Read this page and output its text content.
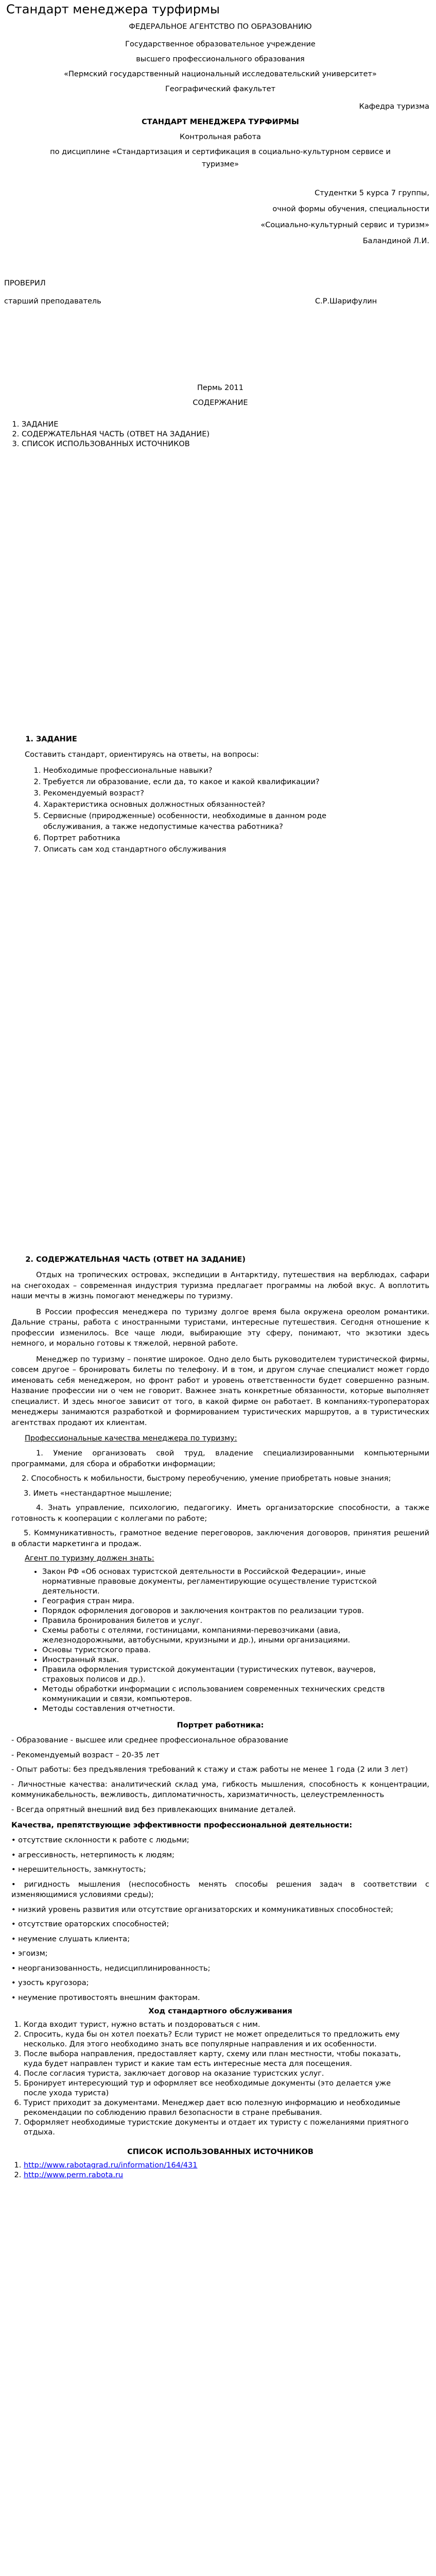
Стандарт менеджера турфирмы

ФЕДЕРАЛЬНОЕ АГЕНТСТВО ПО ОБРАЗОВАНИЮ

Государственное образовательное учреждение

высшего профессионального образования

«Пермский государственный национальный исследовательский университет»

Географический факультет

Кафедра туризма

СТАНДАРТ МЕНЕДЖЕРА ТУРФИРМЫ

Контрольная работа

по дисциплине «Стандартизация и сертификация в социально-культурном сервисе и туризме»

Студентки 5 курса 7 группы,

очной формы обучения, специальности

«Социально-культурный сервис и туризм»

Баландиной Л.И.

ПРОВЕРИЛ

старший преподаватель	С.Р.Шарифулин

Пермь 2011

СОДЕРЖАНИЕ

1. ЗАДАНИЕ
2. СОДЕРЖАТЕЛЬНАЯ ЧАСТЬ (ОТВЕТ НА ЗАДАНИЕ)
3. СПИСОК ИСПОЛЬЗОВАННЫХ ИСТОЧНИКОВ
1. ЗАДАНИЕ

Составить стандарт, ориентируясь на ответы, на вопросы:

1. Необходимые профессиональные навыки?
2. Требуется ли образование, если да, то какое и какой квалификации?
3. Рекомендуемый возраст?
4. Характеристика основных должностных обязанностей?
5. Сервисные (природженные) особенности, необходимые в данном роде обслуживания, а также недопустимые качества работника?
6. Портрет работника
7. Описать сам ход стандартного обслуживания
2. СОДЕРЖАТЕЛЬНАЯ ЧАСТЬ (ОТВЕТ НА ЗАДАНИЕ)

Отдых на тропических островах, экспедиции в Антарктиду, путешествия на верблюдах, сафари на снегоходах – современная индустрия туризма предлагает программы на любой вкус. А воплотить наши мечты в жизнь помогают менеджеры по туризму.

В России профессия менеджера по туризму долгое время была окружена ореолом романтики. Дальние страны, работа с иностранными туристами, интересные путешествия. Сегодня отношение к профессии изменилось. Все чаще люди, выбирающие эту сферу, понимают, что экзотики здесь немного, и морально готовы к тяжелой, нервной работе.

Менеджер по туризму – понятие широкое. Одно дело быть руководителем туристической фирмы, совсем другое – бронировать билеты по телефону. И в том, и другом случае специалист может гордо именовать себя менеджером, но фронт работ и уровень ответственности будет совершенно разным. Название профессии ни о чем не говорит. Важнее знать конкретные обязанности, которые выполняет специалист. И здесь многое зависит от того, в какой фирме он работает. В компаниях-туроператорах менеджеры занимаются разработкой и формированием туристических маршрутов, а в туристических агентствах продают их клиентам.

Профессиональные качества менеджера по туризму:

1. Умение организовать свой труд, владение специализированными компьютерными программами, для сбора и обработки информации;

2. Способность к мобильности, быстрому переобучению, умение приобретать новые знания;

3. Иметь «нестандартное мышление;

4. Знать управление, психологию, педагогику. Иметь организаторские способности, а также готовность к кооперации с коллегами по работе;

5. Коммуникативность, грамотное ведение переговоров, заключения договоров, принятия решений в области маркетинга и продаж.

Агент по туризму должен знать:

• Закон РФ «Об основах туристской деятельности в Российской Федерации», иные нормативные правовые документы, регламентирующие осуществление туристской деятельности.
• География стран мира.
• Порядок оформления договоров и заключения контрактов по реализации туров.
• Правила бронирования билетов и услуг.
• Схемы работы с отелями, гостиницами, компаниями-перевозчиками (авиа, железнодорожными, автобусными, круизными и др.), иными организациями.
• Основы туристского права.
• Иностранный язык.
• Правила оформления туристской документации (туристических путевок, ваучеров, страховых полисов и др.).
• Методы обработки информации с использованием современных технических средств коммуникации и связи, компьютеров.
• Методы составления отчетности.

Портрет работника:

- Образование - высшее или среднее профессиональное образование

- Рекомендуемый возраст – 20-35 лет

- Опыт работы: без предъявления требований к стажу и стаж работы не менее 1 года (2 или 3 лет)

- Личностные качества: аналитический склад ума, гибкость мышления, способность к концентрации, коммуникабельность, вежливость, дипломатичность, харизматичность, целеустремленность

- Всегда опрятный внешний вид без привлекающих внимание деталей.

Качества, препятствующие эффективности профессиональной деятельности:

• отсутствие склонности к работе с людьми;

• агрессивность, нетерпимость к людям;

• нерешительность, замкнутость;

• ригидность мышления (неспособность менять способы решения задач в соответствии с изменяющимися условиями среды);

• низкий уровень развития или отсутствие организаторских и коммуникативных способностей;

• отсутствие ораторских способностей;

• неумение слушать клиента;

• эгоизм;

• неорганизованность, недисциплинированность;

• узость кругозора;

• неумение противостоять внешним факторам.

Ход стандартного обслуживания

1. Когда входит турист, нужно встать и поздороваться с ним.
2. Спросить, куда бы он хотел поехать? Если турист не может определиться то предложить ему несколько. Для этого необходимо знать все популярные направления и их особенности.
3. После выбора направления, предоставляет карту, схему или план местности, чтобы показать, куда будет направлен турист и какие там есть интересные места для посещения.
4. После согласия туриста, заключает договор на оказание туристских услуг.
5. Бронирует интересующий тур и оформляет все необходимые документы (это делается уже после ухода туриста)
6. Турист приходит за документами. Менеджер дает всю полезную информацию и необходимые рекомендации по соблюдению правил безопасности в стране пребывания.
7. Оформляет необходимые туристские документы и отдает их туристу с пожеланиями приятного отдыха.

СПИСОК ИСПОЛЬЗОВАННЫХ ИСТОЧНИКОВ

1. http://www.rabotagrad.ru/information/164/431
2. http://www.perm.rabota.ru
